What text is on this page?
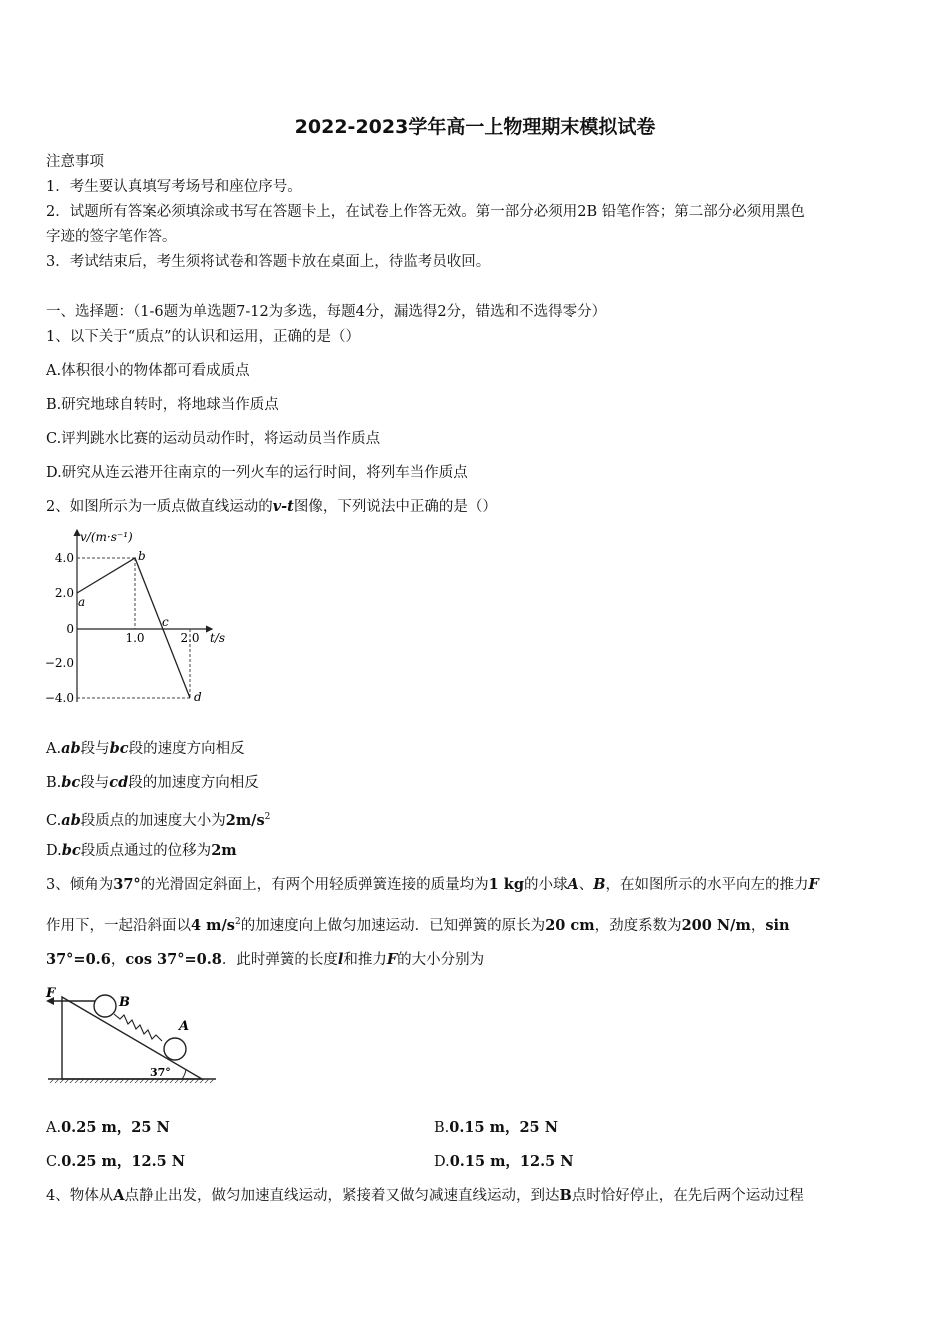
2022-2023学年高一上物理期末模拟试卷
注意事项
1．考生要认真填写考场号和座位序号。
2．试题所有答案必须填涂或书写在答题卡上，在试卷上作答无效。第一部分必须用2B 铅笔作答；第二部分必须用黑色
字迹的签字笔作答。
3．考试结束后，考生须将试卷和答题卡放在桌面上，待监考员收回。
一、选择题：（1-6题为单选题7-12为多选，每题4分，漏选得2分，错选和不选得零分）
1、以下关于“质点”的认识和运用，正确的是（）
A.体积很小的物体都可看成质点
B.研究地球自转时，将地球当作质点
C.评判跳水比赛的运动员动作时，将运动员当作质点
D.研究从连云港开往南京的一列火车的运行时间，将列车当作质点
2、如图所示为一质点做直线运动的v-t图像，下列说法中正确的是（）
v/(m·s⁻¹)
4.0
2.0
0
−2.0
−4.0
1.0	2.0 t/s
a
b
c
d
A.ab段与bc段的速度方向相反
B.bc段与cd段的加速度方向相反
C.ab段质点的加速度大小为$2m/s^2$
D.bc段质点通过的位移为2m
3、倾角为37°的光滑固定斜面上，有两个用轻质弹簧连接的质量均为1 kg的小球A、B，在如图所示的水平向左的推力F
作用下，一起沿斜面以4 $m/s^2$的加速度向上做匀加速运动．已知弹簧的原长为20 cm，劲度系数为200 N/m，sin
37°=0.6，cos 37°=0.8．此时弹簧的长度l和推力F的大小分别为
F
B
A
37°
A.0.25 m，25 N	B.0.15 m，25 N
C.0.25 m，12.5 N	D.0.15 m，12.5 N
4、物体从A点静止出发，做匀加速直线运动，紧接着又做匀减速直线运动，到达B点时恰好停止，在先后两个运动过程
